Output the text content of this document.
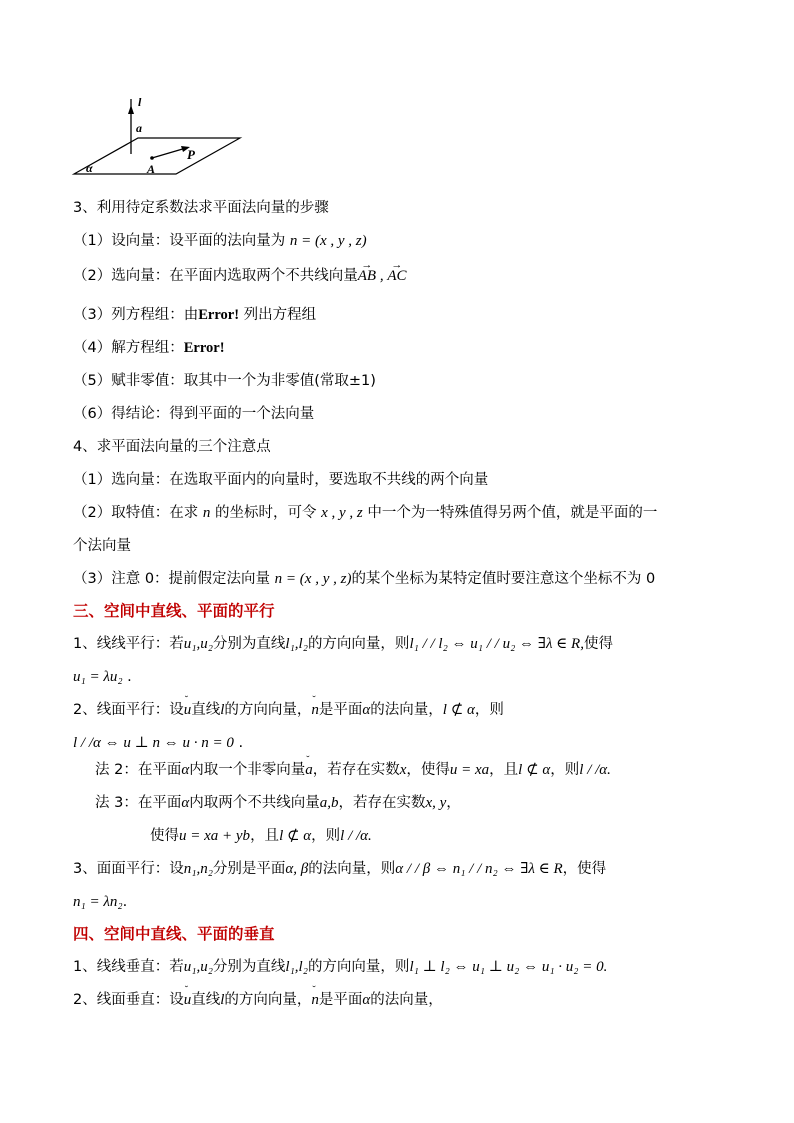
l
a
α	A
P
3、利用待定系数法求平面法向量的步骤
（1）设向量：设平面的法向量为 n = (x , y , z)
（2）选向量：在平面内选取两个不共线向量→ AB , → AC
（3）列方程组：由Error! 列出方程组
（4）解方程组：Error!
（5）赋非零值：取其中一个为非零值(常取±1)
（6）得结论：得到平面的一个法向量
4、求平面法向量的三个注意点
（1）选向量：在选取平面内的向量时，要选取不共线的两个向量
（2）取特值：在求 n 的坐标时，可令 x , y , z 中一个为一特殊值得另两个值，就是平面的一
个法向量
（3）注意 0：提前假定法向量 n = (x , y , z)的某个坐标为某特定值时要注意这个坐标不为 0
三、空间中直线、平面的平行
1、线线平行：若u₁,u₂分别为直线l₁,l₂的方向向量，则l₁ / / l₂ ⇔ u₁ / / u₂ ⇔ ∃λ ∈ R,使得
u₁ = λu₂ .
2、线面平行：设˘ u直线l的方向向量，˘ n是平面α的法向量，l ⊄ α，则
l / /α ⇔ u ⊥ n ⇔ u · n = 0 .
法 2：在平面α内取一个非零向量˘ a，若存在实数x，使得u = xa，且l ⊄ α，则l / /α.
法 3：在平面α内取两个不共线向量a,b，若存在实数x, y，
使得u = xa + yb，且l ⊄ α，则l / /α.
3、面面平行：设n₁,n₂分别是平面α, β的法向量，则α / / β ⇔ n₁ / / n₂ ⇔ ∃λ ∈ R，使得
n₁ = λn₂.
四、空间中直线、平面的垂直
1、线线垂直：若u₁,u₂分别为直线l₁,l₂的方向向量，则l₁ ⊥ l₂ ⇔ u₁ ⊥ u₂ ⇔ u₁ · u₂ = 0.
2、线面垂直：设˘ u直线l的方向向量，˘ n是平面α的法向量，
